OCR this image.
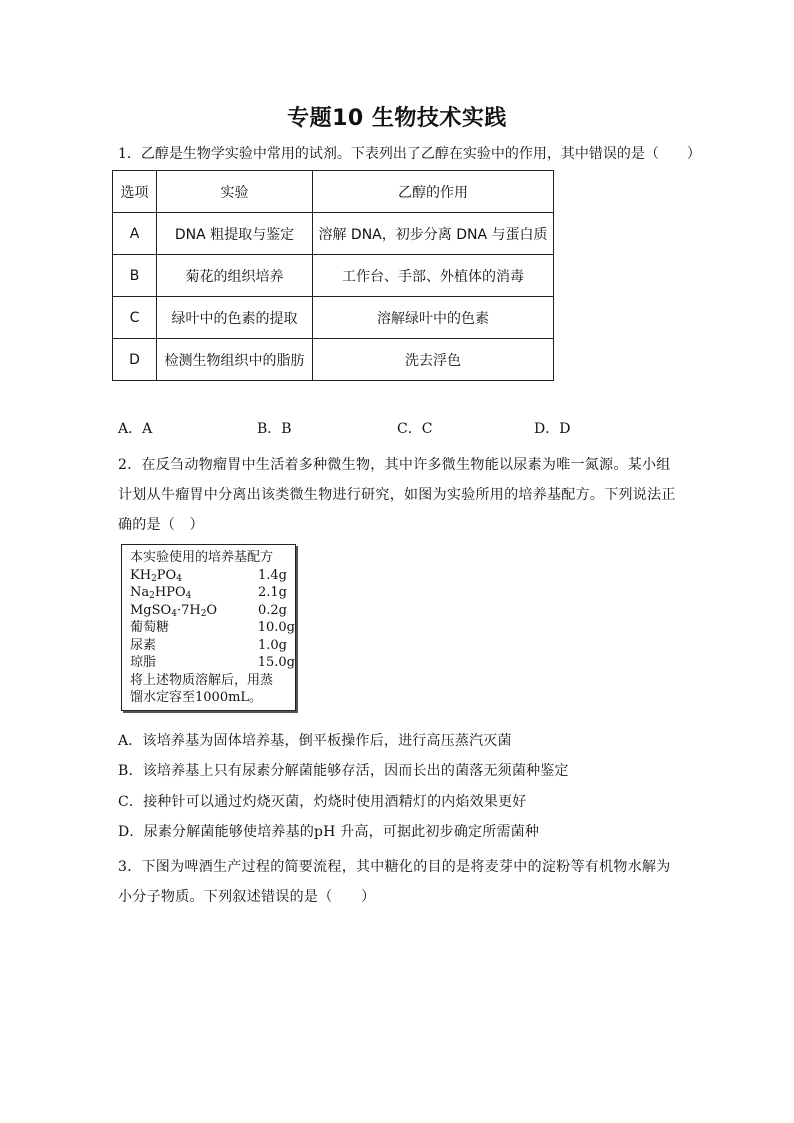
专题10 生物技术实践
1．乙醇是生物学实验中常用的试剂。下表列出了乙醇在实验中的作用，其中错误的是（　　）
选项	实验	乙醇的作用
A	DNA 粗提取与鉴定	溶解 DNA，初步分离 DNA 与蛋白质
B	菊花的组织培养	工作台、手部、外植体的消毒
C	绿叶中的色素的提取	溶解绿叶中的色素
D	检测生物组织中的脂肪	洗去浮色
A．A	B．B	C．C	D．D
2．在反刍动物瘤胃中生活着多种微生物，其中许多微生物能以尿素为唯一氮源。某小组计划从牛瘤胃中分离出该类微生物进行研究，如图为实验所用的培养基配方。下列说法正确的是（　）
本实验使用的培养基配方
$KH_2PO_4$	1.4g
$Na_2HPO_4$	2.1g
$MgSO_4\cdot 7H_2O$	0.2g
葡萄糖	10.0g
尿素	1.0g
琼脂	15.0g
将上述物质溶解后，用蒸
馏水定容至1000mL。
A．该培养基为固体培养基，倒平板操作后，进行高压蒸汽灭菌
B．该培养基上只有尿素分解菌能够存活，因而长出的菌落无须菌种鉴定
C．接种针可以通过灼烧灭菌，灼烧时使用酒精灯的内焰效果更好
D．尿素分解菌能够使培养基的pH 升高，可据此初步确定所需菌种
3．下图为啤酒生产过程的简要流程，其中糖化的目的是将麦芽中的淀粉等有机物水解为小分子物质。下列叙述错误的是（　　）
